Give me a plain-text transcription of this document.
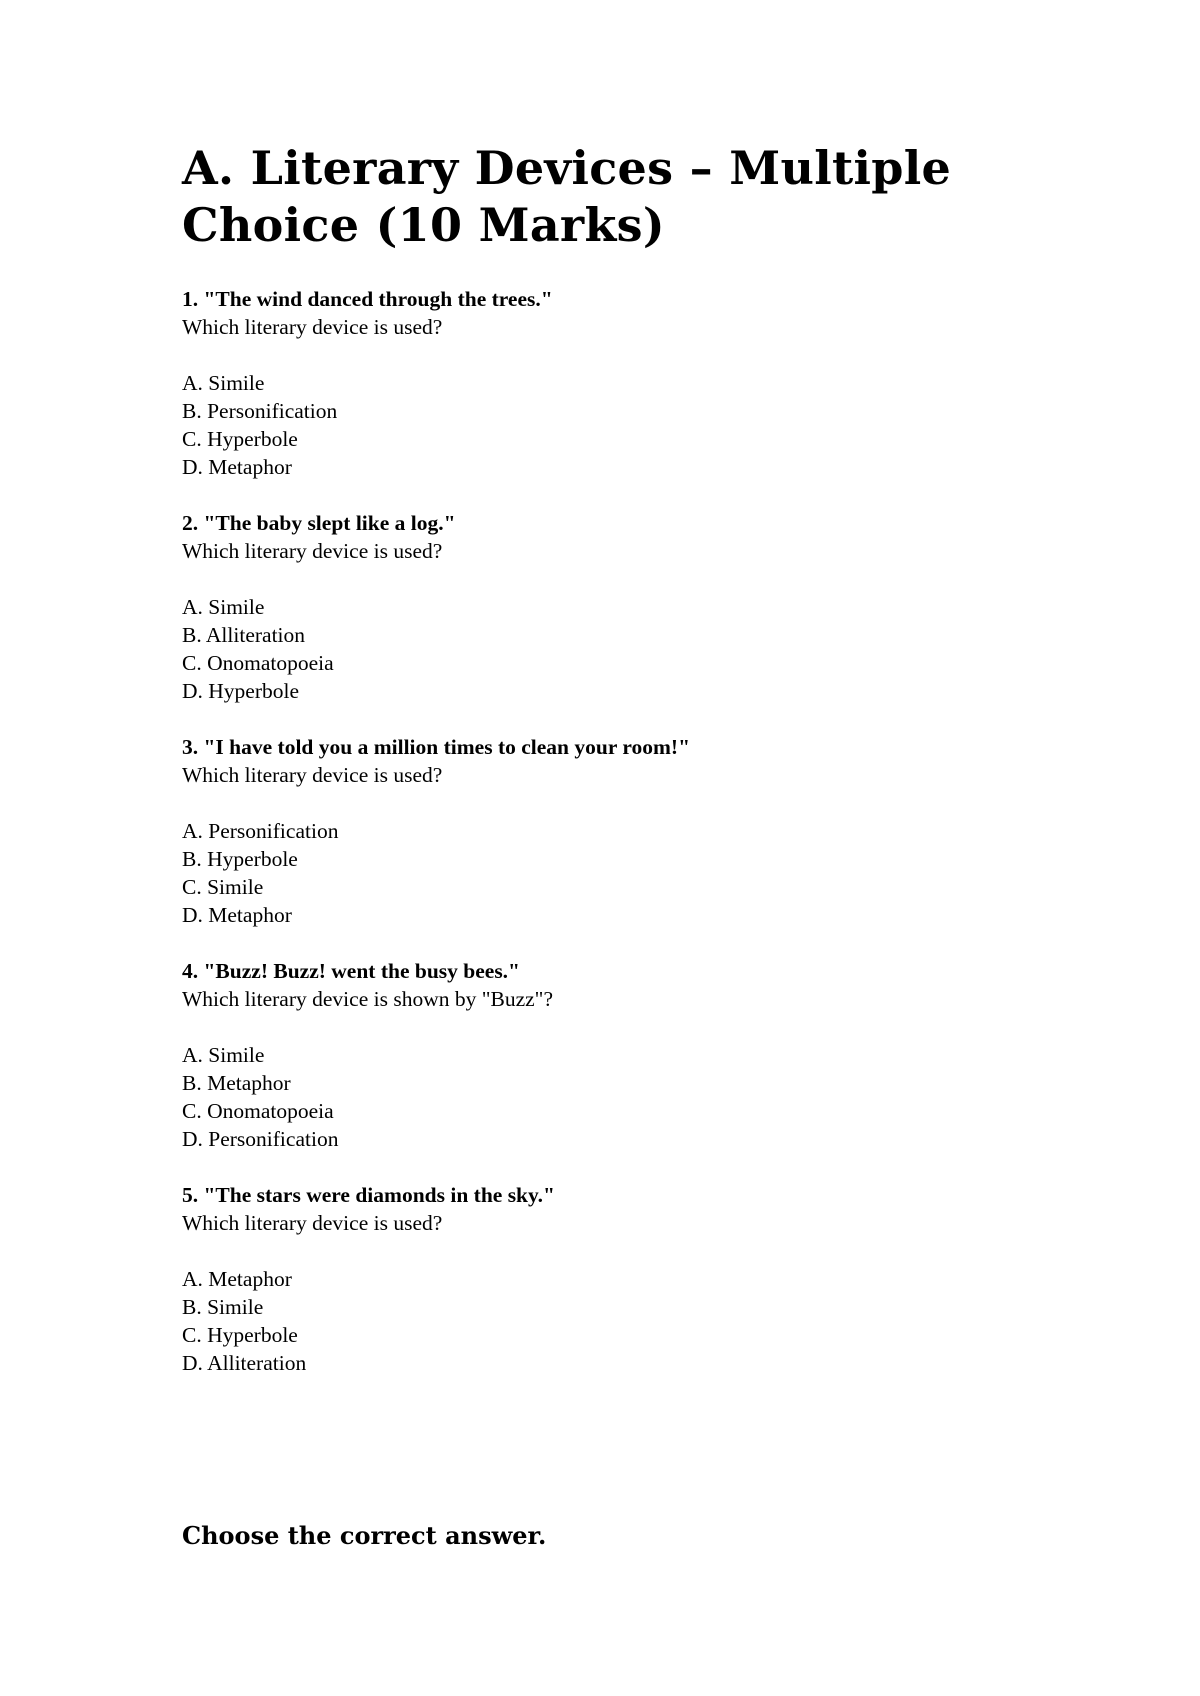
A. Literary Devices – Multiple Choice (10 Marks)
1. "The wind danced through the trees."
Which literary device is used?
A. Simile
B. Personification
C. Hyperbole
D. Metaphor
2. "The baby slept like a log."
Which literary device is used?
A. Simile
B. Alliteration
C. Onomatopoeia
D. Hyperbole
3. "I have told you a million times to clean your room!"
Which literary device is used?
A. Personification
B. Hyperbole
C. Simile
D. Metaphor
4. "Buzz! Buzz! went the busy bees."
Which literary device is shown by "Buzz"?
A. Simile
B. Metaphor
C. Onomatopoeia
D. Personification
5. "The stars were diamonds in the sky."
Which literary device is used?
A. Metaphor
B. Simile
C. Hyperbole
D. Alliteration
Choose the correct answer.
